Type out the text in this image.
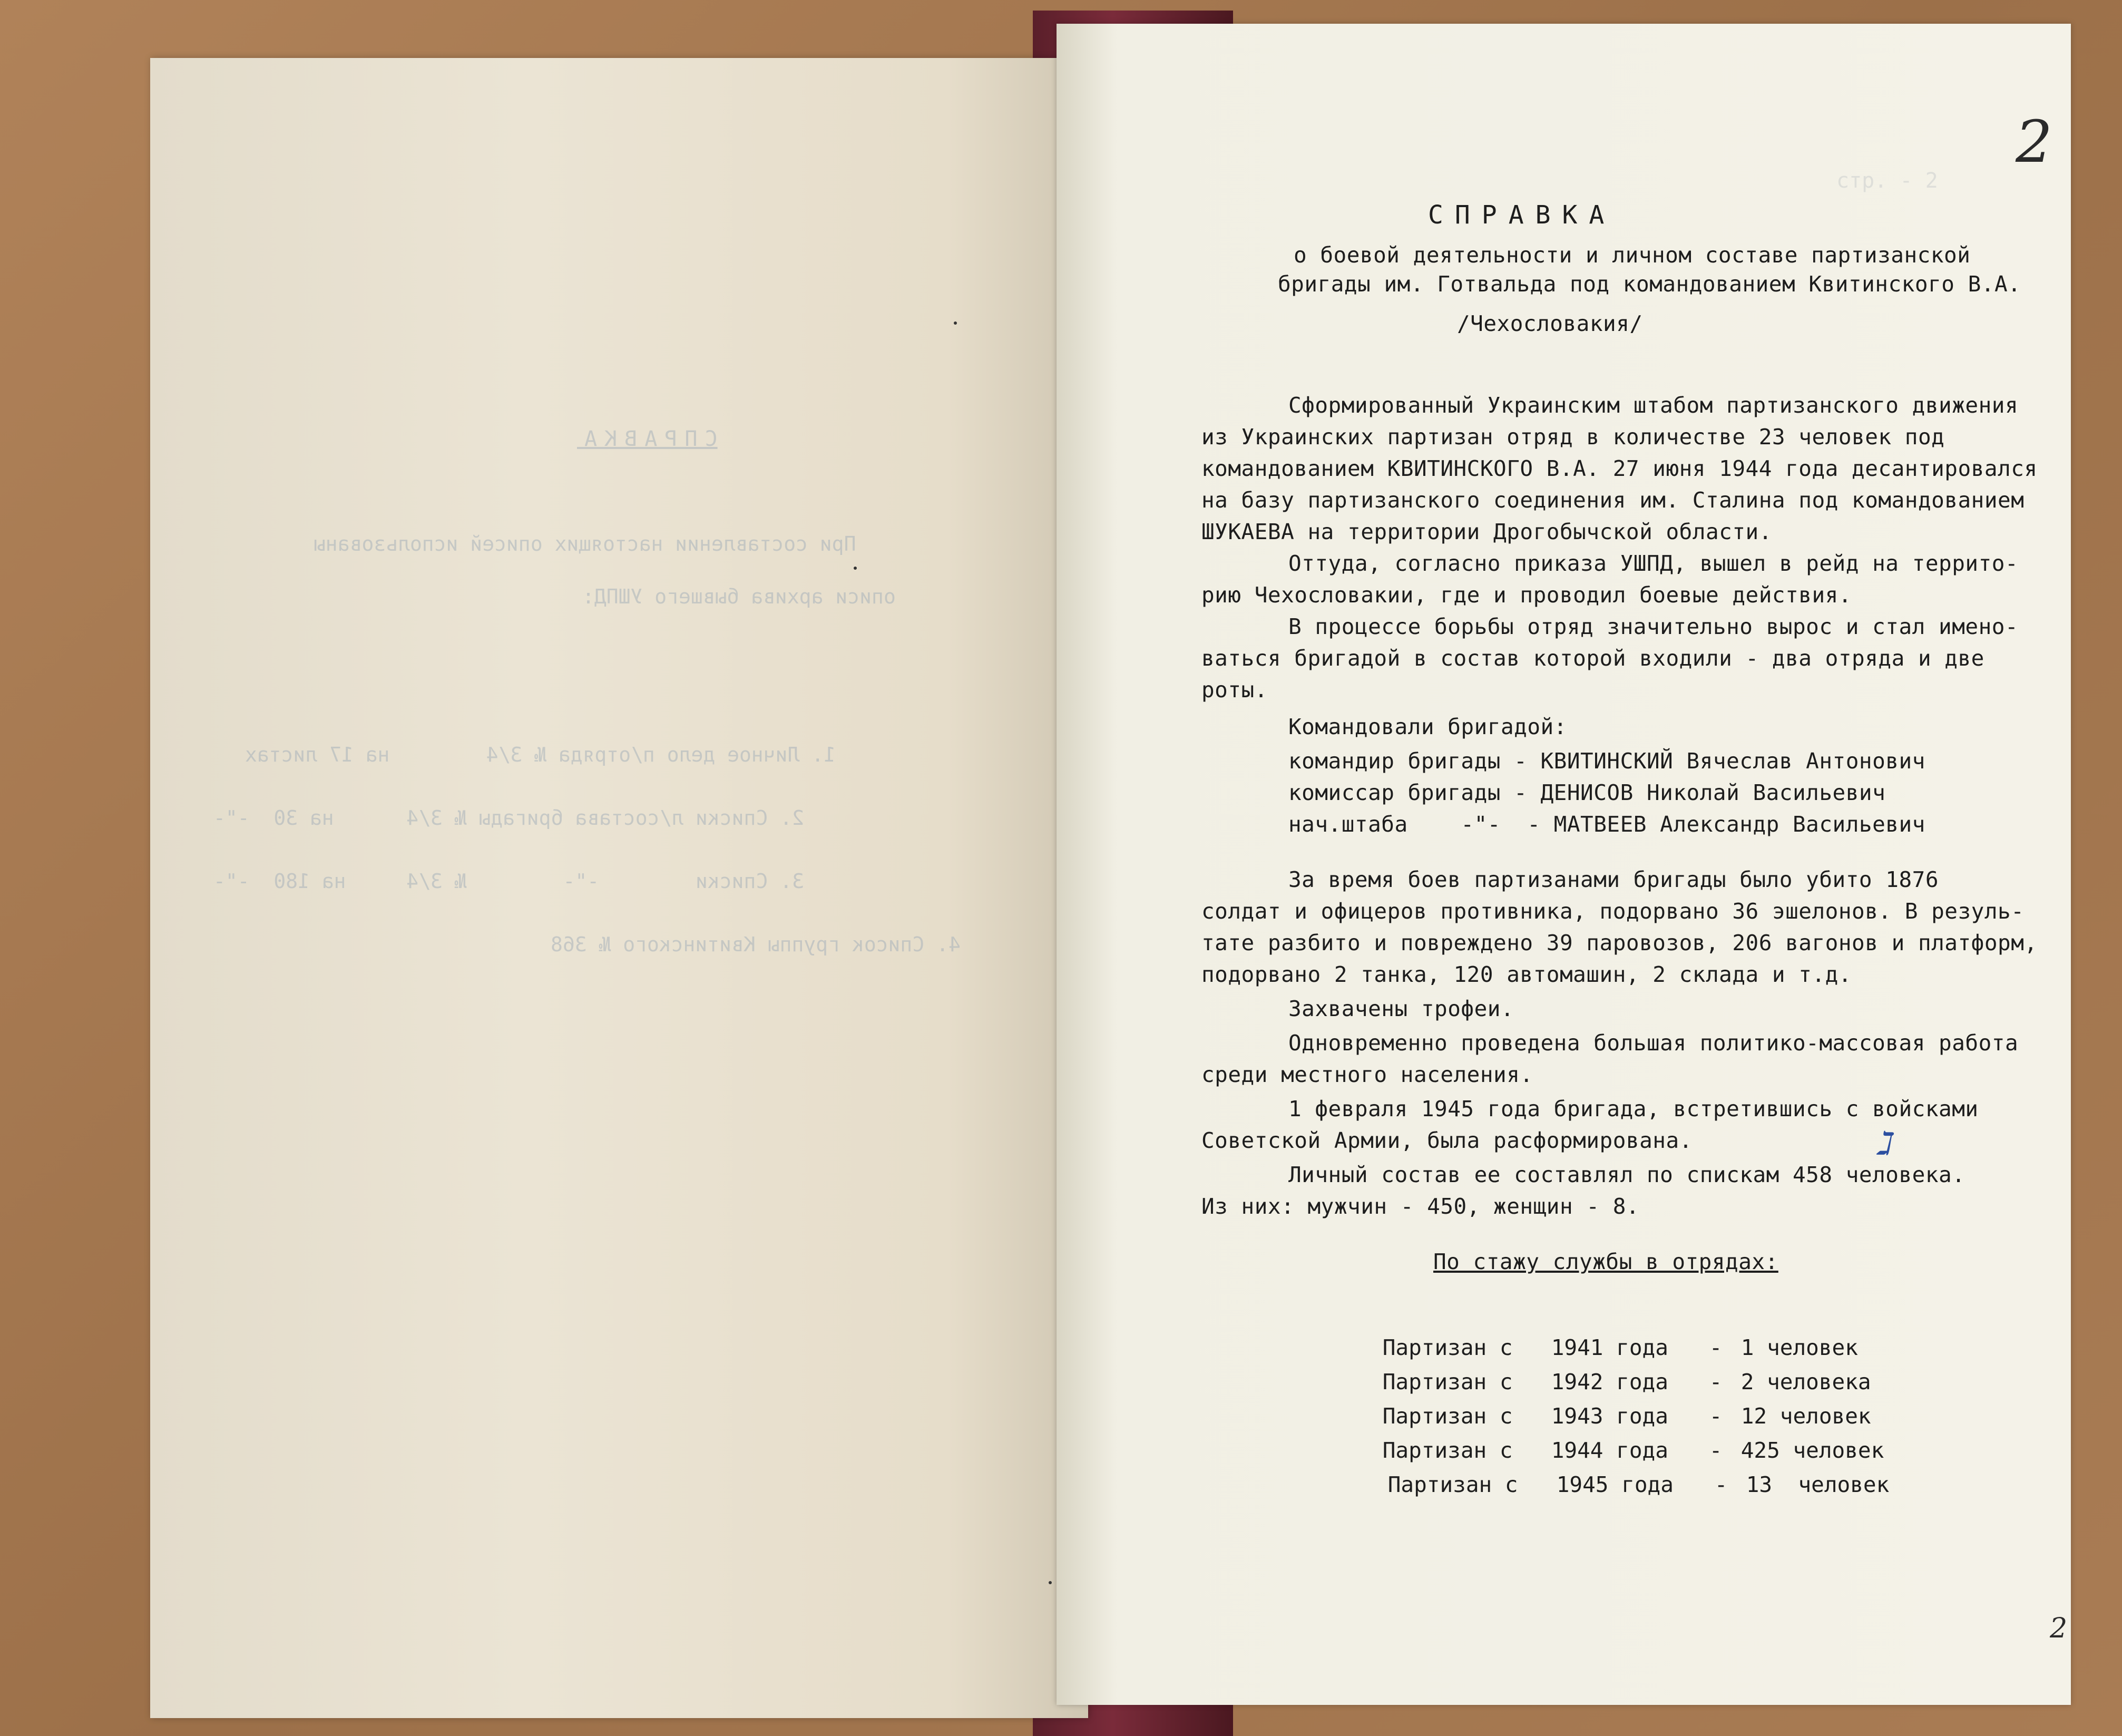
СПРАВКА
При составлении настоящих описей использованы
описи архива бывшего УШПД:
1. Личное дело п/отряда № 3/4        на 17 листах
2. Списки л/состава бригады № 3/4      на 30  -"-
3. Списки        -"-        № 3/4     на 180  -"-
4. Список группы Квитинского № 368
стр. - 2
2
СПРАВКА
о боевой деятельности и личном составе партизанской
бригады им. Готвальда под командованием Квитинского В.А.
/Чехословакия/
Сформированный Украинским штабом партизанского движения
из Украинских партизан отряд в количестве 23 человек под
командованием КВИТИНСКОГО В.А. 27 июня 1944 года десантировался
на базу партизанского соединения им. Сталина под командованием
ШУКАЕВА на территории Дрогобычской области.
Оттуда, согласно приказа УШПД, вышел в рейд на террито-
рию Чехословакии, где и проводил боевые действия.
В процессе борьбы отряд значительно вырос и стал имено-
ваться бригадой в состав которой входили - два отряда и две
роты.
Командовали бригадой:
командир бригады - КВИТИНСКИЙ Вячеслав Антонович
комиссар бригады - ДЕНИСОВ Николай Васильевич
нач.штаба    -"-  - МАТВЕЕВ Александр Васильевич
За время боев партизанами бригады было убито 1876
солдат и офицеров противника, подорвано 36 эшелонов. В резуль-
тате разбито и повреждено 39 паровозов, 206 вагонов и платформ,
подорвано 2 танка, 120 автомашин, 2 склада и т.д.
Захвачены трофеи.
Одновременно проведена большая политико-массовая работа
среди местного населения.
1 февраля 1945 года бригада, встретившись с войсками
Советской Армии, была расформирована.
Личный состав ее составлял по спискам 458 человека.
Из них: мужчин - 450, женщин - 8.
ℷ
По стажу службы в отрядах:

Партизан с 1941 года - 1 человек

Партизан с 1942 года - 2 человека

Партизан с 1943 года - 12 человек

Партизан с 1944 года - 425 человек

Партизан с 1945 года - 13  человек

2
